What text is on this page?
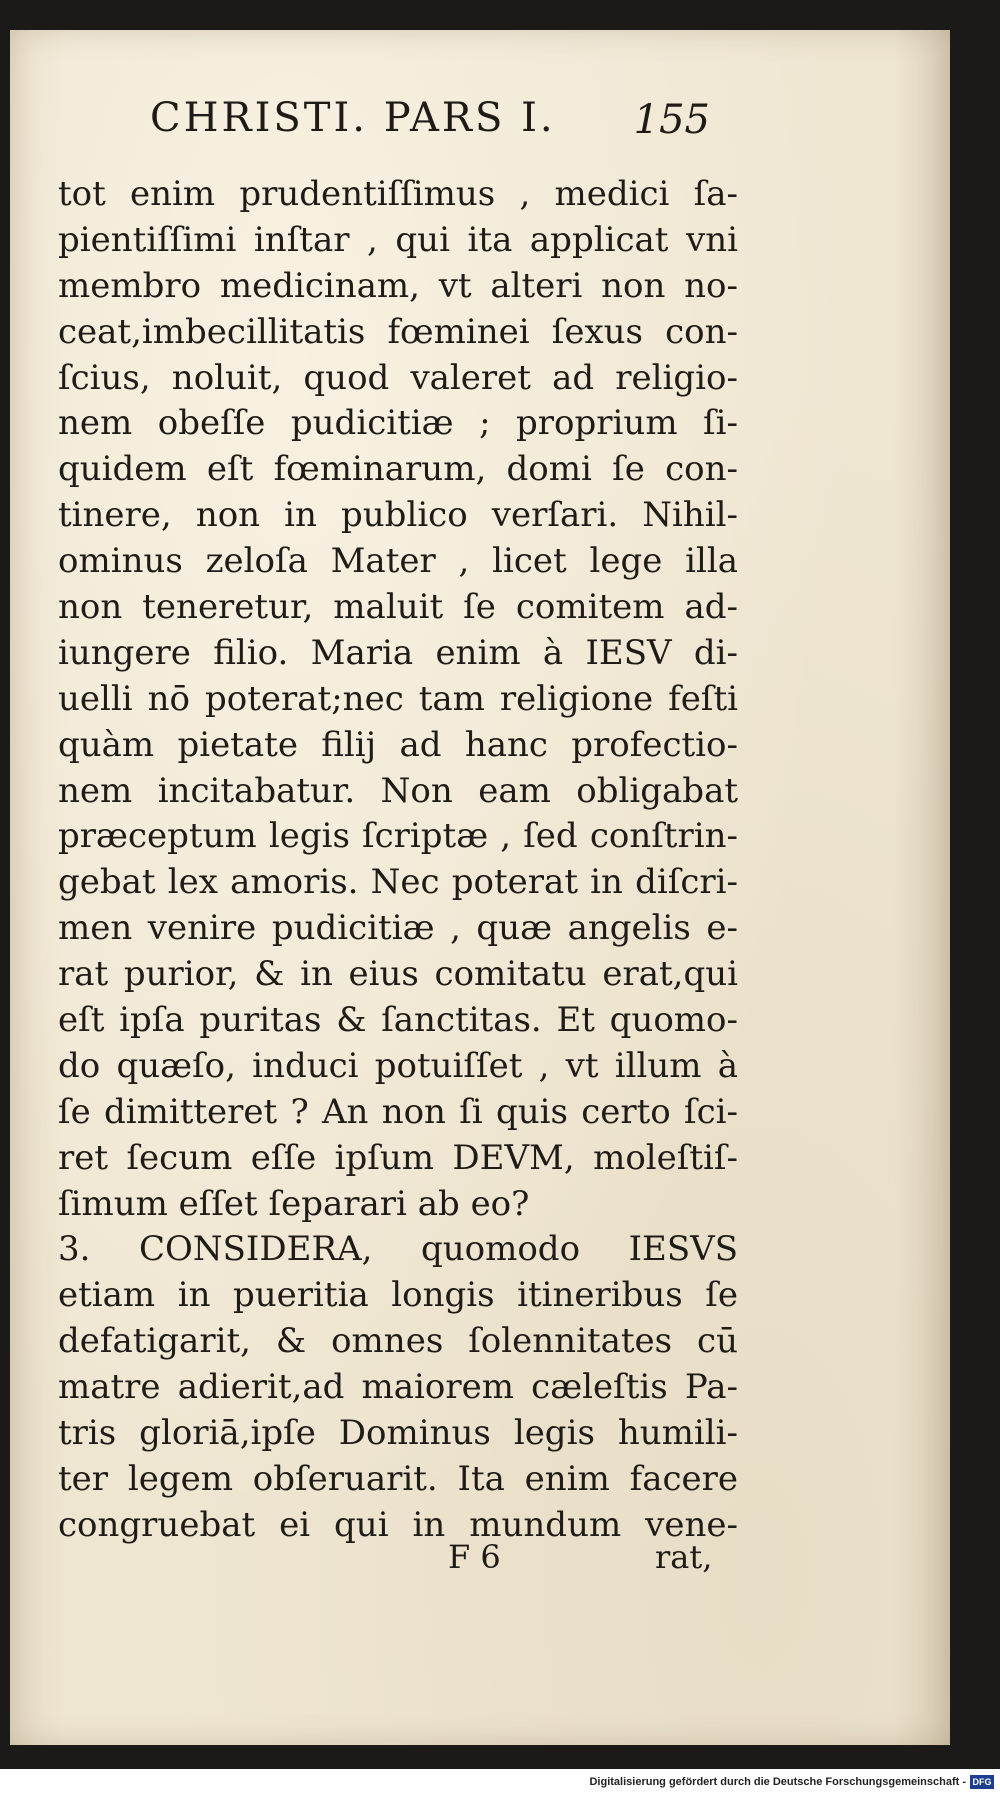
CHRISTI. PARS I. 155
tot enim prudentiſſimus , medici ſa-
pientiſſimi inſtar , qui ita applicat vni
membro medicinam, vt alteri non no-
ceat,imbecillitatis fœminei ſexus con-
ſcius, noluit, quod valeret ad religio-
nem obeſſe pudicitiæ ; proprium ſi-
quidem eſt fœminarum, domi ſe con-
tinere, non in publico verſari. Nihil-
ominus zeloſa Mater , licet lege illa
non teneretur, maluit ſe comitem ad-
iungere filio. Maria enim à IESV di-
uelli nō poterat;nec tam religione feſti
quàm pietate filij ad hanc profectio-
nem incitabatur. Non eam obligabat
præceptum legis ſcriptæ , ſed conſtrin-
gebat lex amoris. Nec poterat in diſcri-
men venire pudicitiæ , quæ angelis e-
rat purior, & in eius comitatu erat,qui
eſt ipſa puritas & ſanctitas. Et quomo-
do quæſo, induci potuiſſet , vt illum à
ſe dimitteret ? An non ſi quis certo ſci-
ret ſecum eſſe ipſum DEVM, moleſtiſ-
ſimum eſſet ſeparari ab eo?
3. CONSIDERA, quomodo IESVS
etiam in pueritia longis itineribus ſe
defatigarit, & omnes ſolennitates cū
matre adierit,ad maiorem cæleſtis Pa-
tris gloriā,ipſe Dominus legis humili-
ter legem obſeruarit. Ita enim facere
congruebat ei qui in mundum vene-
F 6	rat,
Digitalisierung gefördert durch die Deutsche Forschungsgemeinschaft - DFG
